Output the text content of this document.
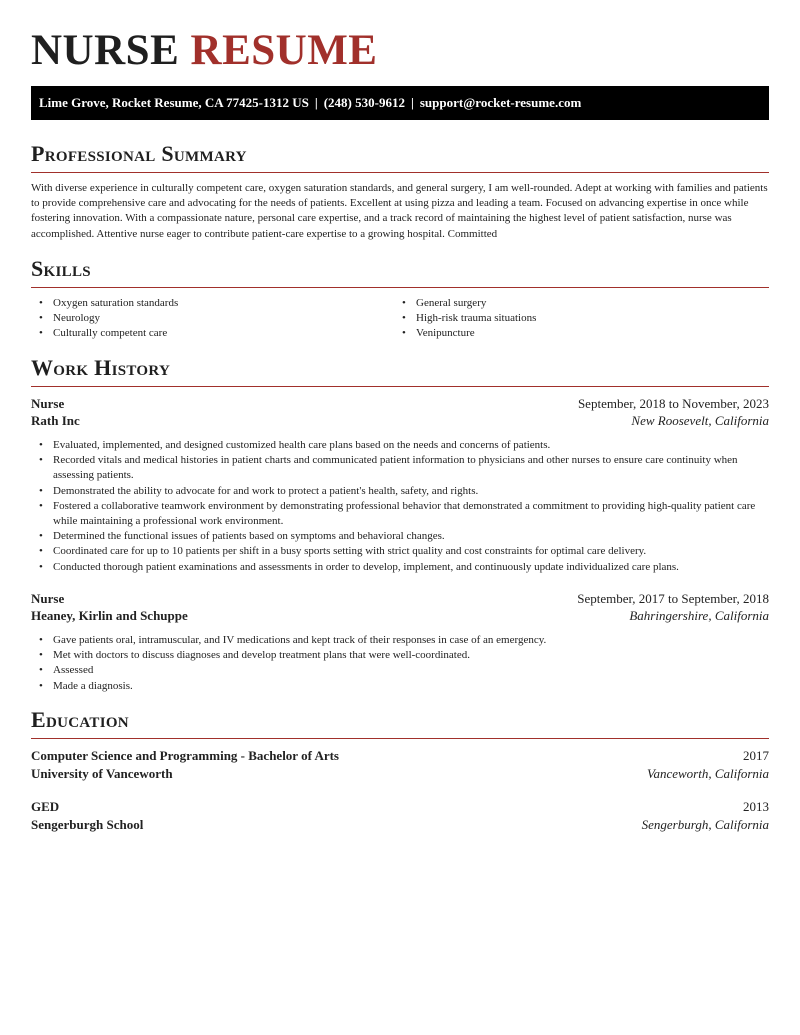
NURSE RESUME
Lime Grove, Rocket Resume, CA 77425-1312 US | (248) 530-9612 | support@rocket-resume.com
Professional Summary
With diverse experience in culturally competent care, oxygen saturation standards, and general surgery, I am well-rounded. Adept at working with families and patients to provide comprehensive care and advocating for the needs of patients. Excellent at using pizza and leading a team. Focused on advancing expertise in once while fostering innovation. With a compassionate nature, personal care expertise, and a track record of maintaining the highest level of patient satisfaction, nurse was accomplished. Attentive nurse eager to contribute patient-care expertise to a growing hospital. Committed
Skills
• Oxygen saturation standards
• Neurology
• Culturally competent care
• General surgery
• High-risk trauma situations
• Venipuncture
Work History
Nurse	September, 2018 to November, 2023
Rath Inc	New Roosevelt, California
• Evaluated, implemented, and designed customized health care plans based on the needs and concerns of patients.
• Recorded vitals and medical histories in patient charts and communicated patient information to physicians and other nurses to ensure care continuity when assessing patients.
• Demonstrated the ability to advocate for and work to protect a patient's health, safety, and rights.
• Fostered a collaborative teamwork environment by demonstrating professional behavior that demonstrated a commitment to providing high-quality patient care while maintaining a professional work environment.
• Determined the functional issues of patients based on symptoms and behavioral changes.
• Coordinated care for up to 10 patients per shift in a busy sports setting with strict quality and cost constraints for optimal care delivery.
• Conducted thorough patient examinations and assessments in order to develop, implement, and continuously update individualized care plans.
Nurse	September, 2017 to September, 2018
Heaney, Kirlin and Schuppe	Bahringershire, California
• Gave patients oral, intramuscular, and IV medications and kept track of their responses in case of an emergency.
• Met with doctors to discuss diagnoses and develop treatment plans that were well-coordinated.
• Assessed
• Made a diagnosis.
Education
Computer Science and Programming - Bachelor of Arts	2017
University of Vanceworth	Vanceworth, California
GED	2013
Sengerburgh School	Sengerburgh, California
